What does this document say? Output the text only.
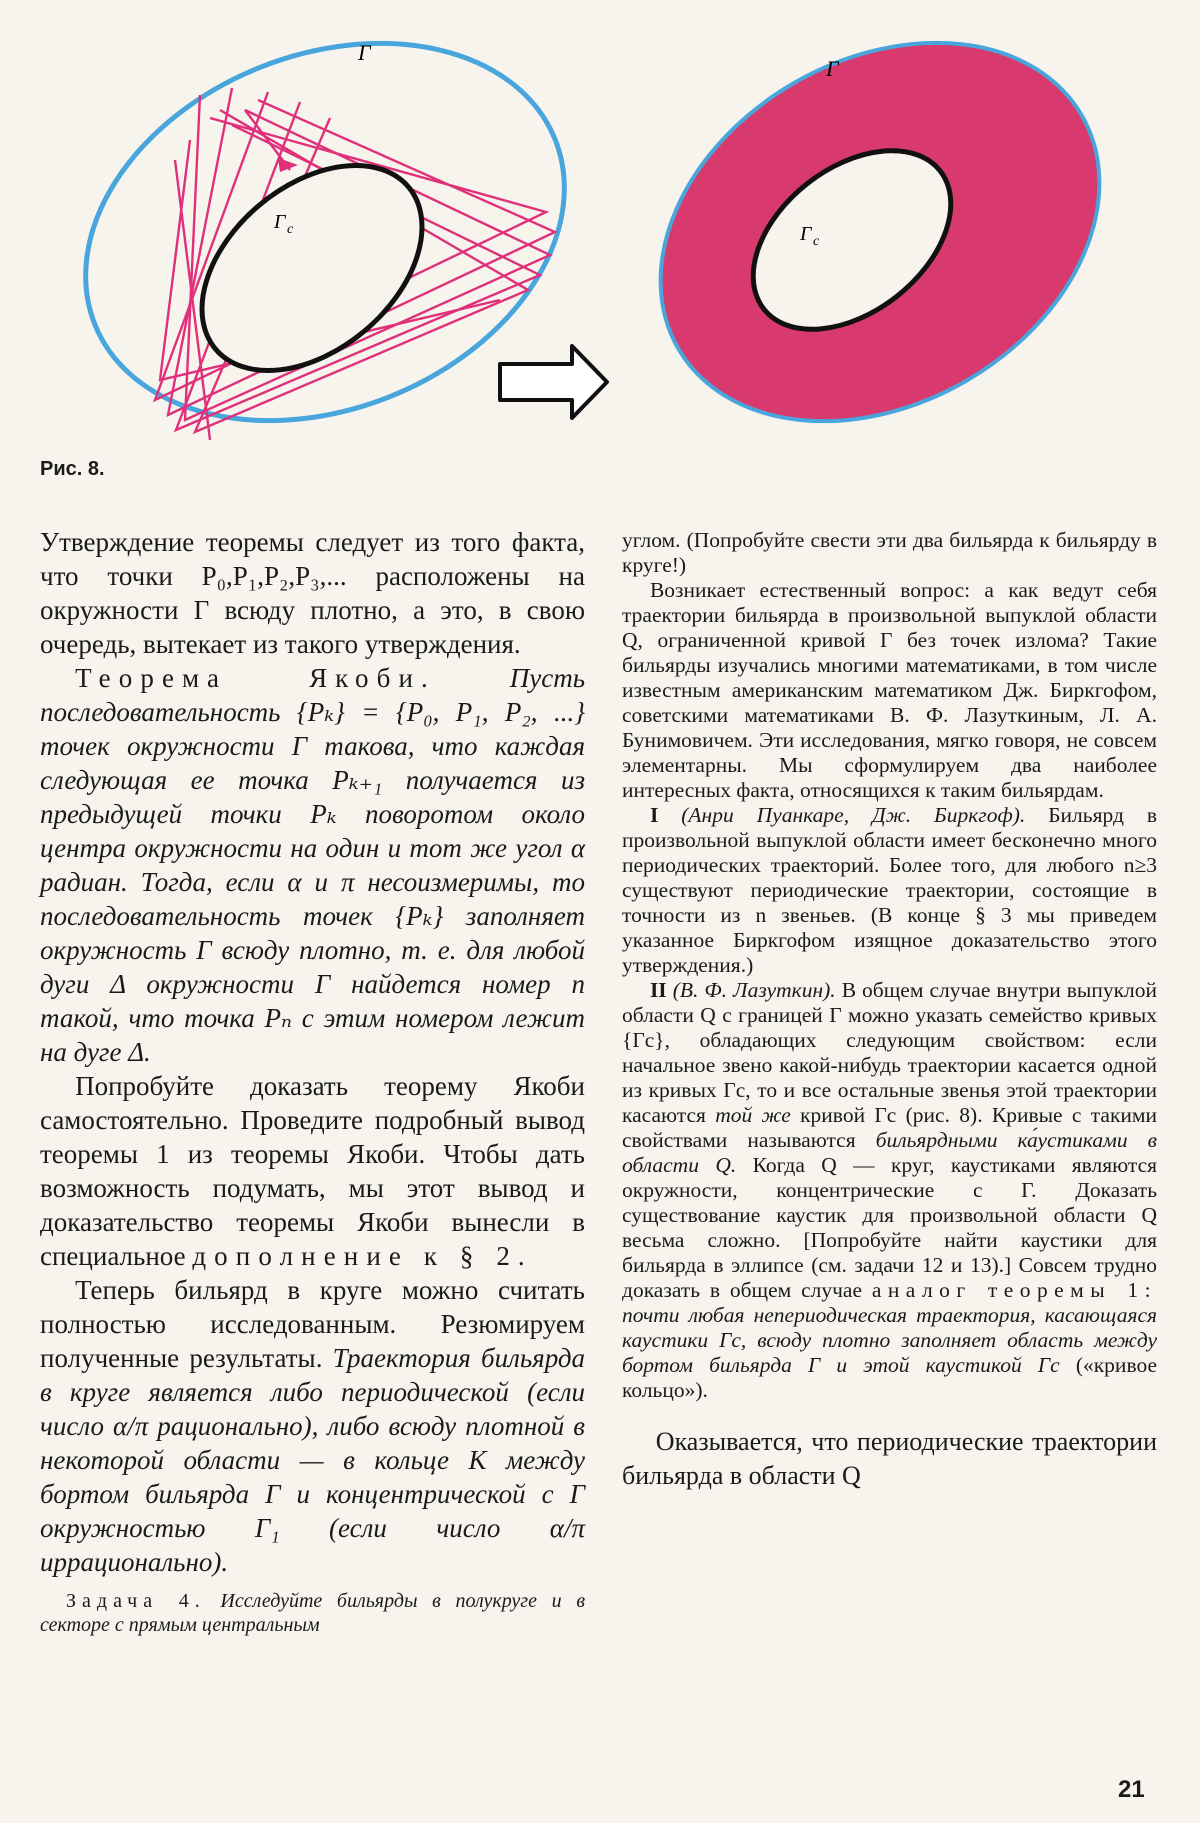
Г
Г c
Г
Г c
Рис. 8.

Утверждение теоремы следует из того факта, что точки P₀,P₁,P₂,P₃,... расположены на окружности Г всюду плотно, а это, в свою очередь, вытекает из такого утверждения.

Теорема Якоби.	Пусть последовательность {Pₖ} = {P₀, P₁, P₂, ...} точек окружности Г такова, что каждая следующая ее точка Pₖ₊₁ получается из предыдущей точки Pₖ поворотом около центра окружности на один и тот же угол α радиан. Тогда, если α и π несоизмеримы, то последовательность точек {Pₖ} заполняет окружность Г всюду плотно, т. е. для любой дуги Δ окружности Г найдется номер n такой, что точка Pₙ с этим номером лежит на дуге Δ.

Попробуйте доказать теорему Якоби самостоятельно. Проведите подробный вывод теоремы 1 из теоремы Якоби. Чтобы дать возможность подумать, мы этот вывод и доказательство теоремы Якоби вынесли в специальное дополнение к § 2.

Теперь бильярд в круге можно считать полностью исследованным. Резюмируем полученные результаты. Траектория бильярда в круге является либо периодической (если число α/π рационально), либо всюду плотной в некоторой области — в кольце K между бортом бильярда Г и концентрической с Г окружностью Г₁ (если число α/π иррационально).

Задача 4. Исследуйте бильярды в полукруге и в секторе с прямым центральным

углом. (Попробуйте свести эти два бильярда к бильярду в круге!)

Возникает естественный вопрос: а как ведут себя траектории бильярда в произвольной выпуклой области Q, ограниченной кривой Г без точек излома? Такие бильярды изучались многими математиками, в том числе известным американским математиком Дж. Биркгофом, советскими математиками В. Ф. Лазуткиным, Л. А. Бунимовичем. Эти исследования, мягко говоря, не совсем элементарны. Мы сформулируем два наиболее интересных факта, относящихся к таким бильярдам.

I (Анри Пуанкаре, Дж. Биркгоф). Бильярд в произвольной выпуклой области имеет бесконечно много периодических траекторий. Более того, для любого n≥3 существуют периодические траектории, состоящие в точности из n звеньев. (В конце § 3 мы приведем указанное Биркгофом изящное доказательство этого утверждения.)

II (В. Ф. Лазуткин). В общем случае внутри выпуклой области Q с границей Г можно указать семейство кривых {Гc}, обладающих следующим свойством: если начальное звено какой-нибудь траектории касается одной из кривых Гc, то и все остальные звенья этой траектории касаются той же кривой Гc (рис. 8). Кривые с такими свойствами называются бильярдными ка́устиками в области Q. Когда Q — круг, каустиками являются окружности, концентрические с Г. Доказать существование каустик для произвольной области Q весьма сложно. [Попробуйте найти каустики для бильярда в эллипсе (см. задачи 12 и 13).] Совсем трудно доказать в общем случае аналог теоремы 1: почти любая непериодическая траектория, касающаяся каустики Гc, всюду плотно заполняет область между бортом бильярда Г и этой каустикой Гc («кривое кольцо»).

Оказывается, что периодические траектории бильярда в области Q

21
